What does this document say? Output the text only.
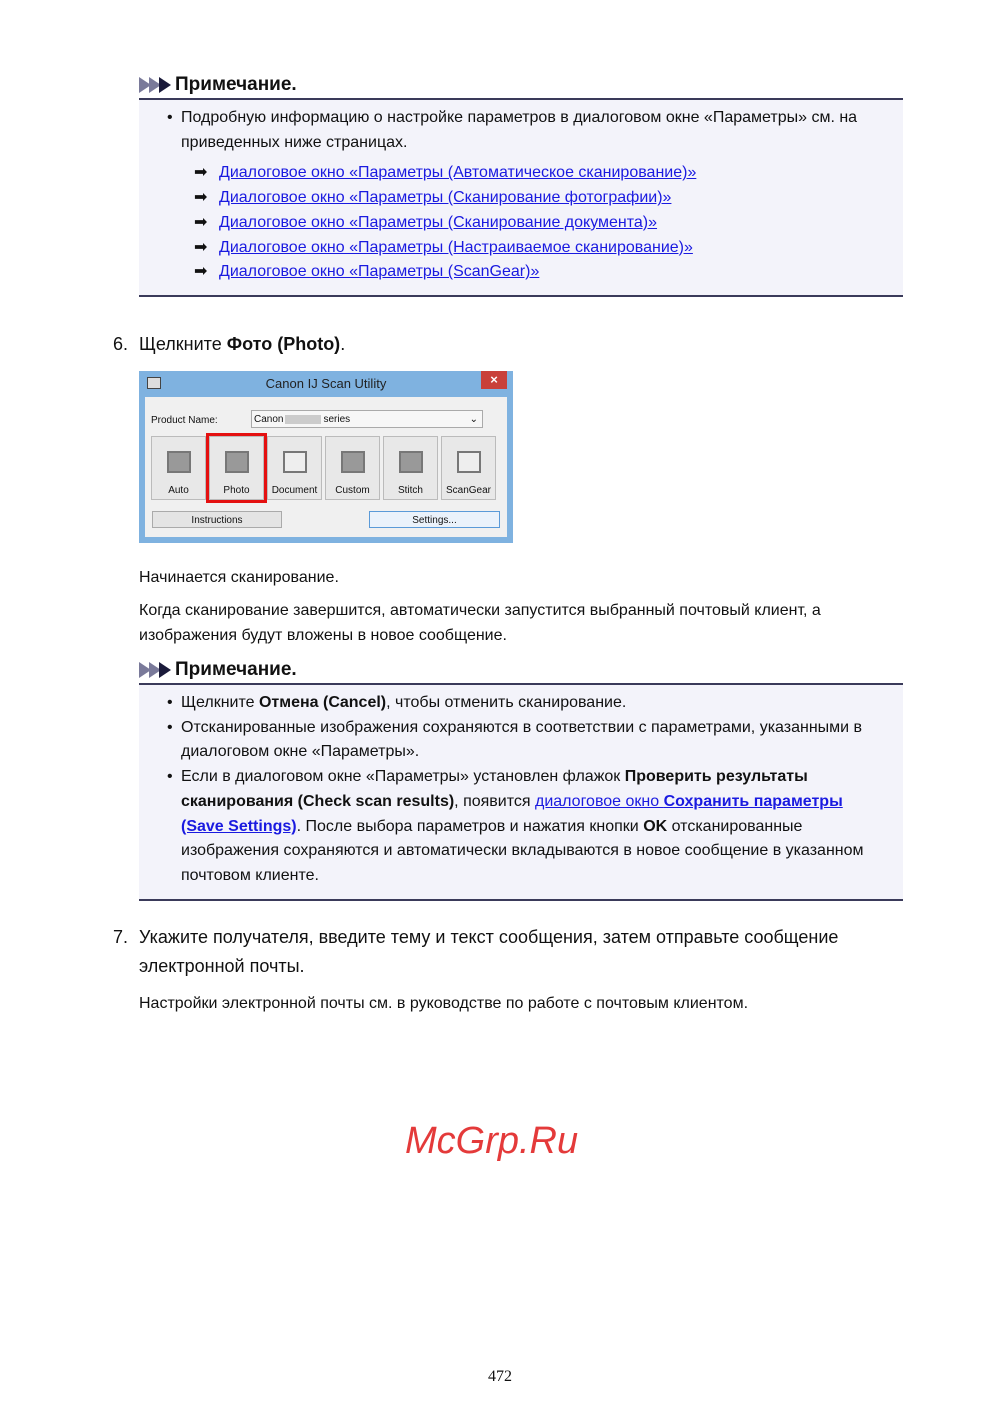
Примечание.
• Подробную информацию о настройке параметров в диалоговом окне «Параметры» см. на приведенных ниже страницах.
➡ Диалоговое окно «Параметры (Автоматическое сканирование)»
➡ Диалоговое окно «Параметры (Сканирование фотографии)»
➡ Диалоговое окно «Параметры (Сканирование документа)»
➡ Диалоговое окно «Параметры (Настраиваемое сканирование)»
➡ Диалоговое окно «Параметры (ScanGear)»
6. Щелкните Фото (Photo).
Canon IJ Scan Utility	×
Product Name:	Canon	series	⌄
Auto	Photo	Document	Custom	Stitch	ScanGear
Instructions	Settings...
Начинается сканирование.
Когда сканирование завершится, автоматически запустится выбранный почтовый клиент, а изображения будут вложены в новое сообщение.
Примечание.
• Щелкните Отмена (Cancel), чтобы отменить сканирование.
• Отсканированные изображения сохраняются в соответствии с параметрами, указанными в диалоговом окне «Параметры».
• Если в диалоговом окне «Параметры» установлен флажок Проверить результаты сканирования (Check scan results), появится диалоговое окно Сохранить параметры (Save Settings). После выбора параметров и нажатия кнопки OK отсканированные изображения сохраняются и автоматически вкладываются в новое сообщение в указанном почтовом клиенте.
7. Укажите получателя, введите тему и текст сообщения, затем отправьте сообщение электронной почты.
Настройки электронной почты см. в руководстве по работе с почтовым клиентом.
McGrp.Ru
472
